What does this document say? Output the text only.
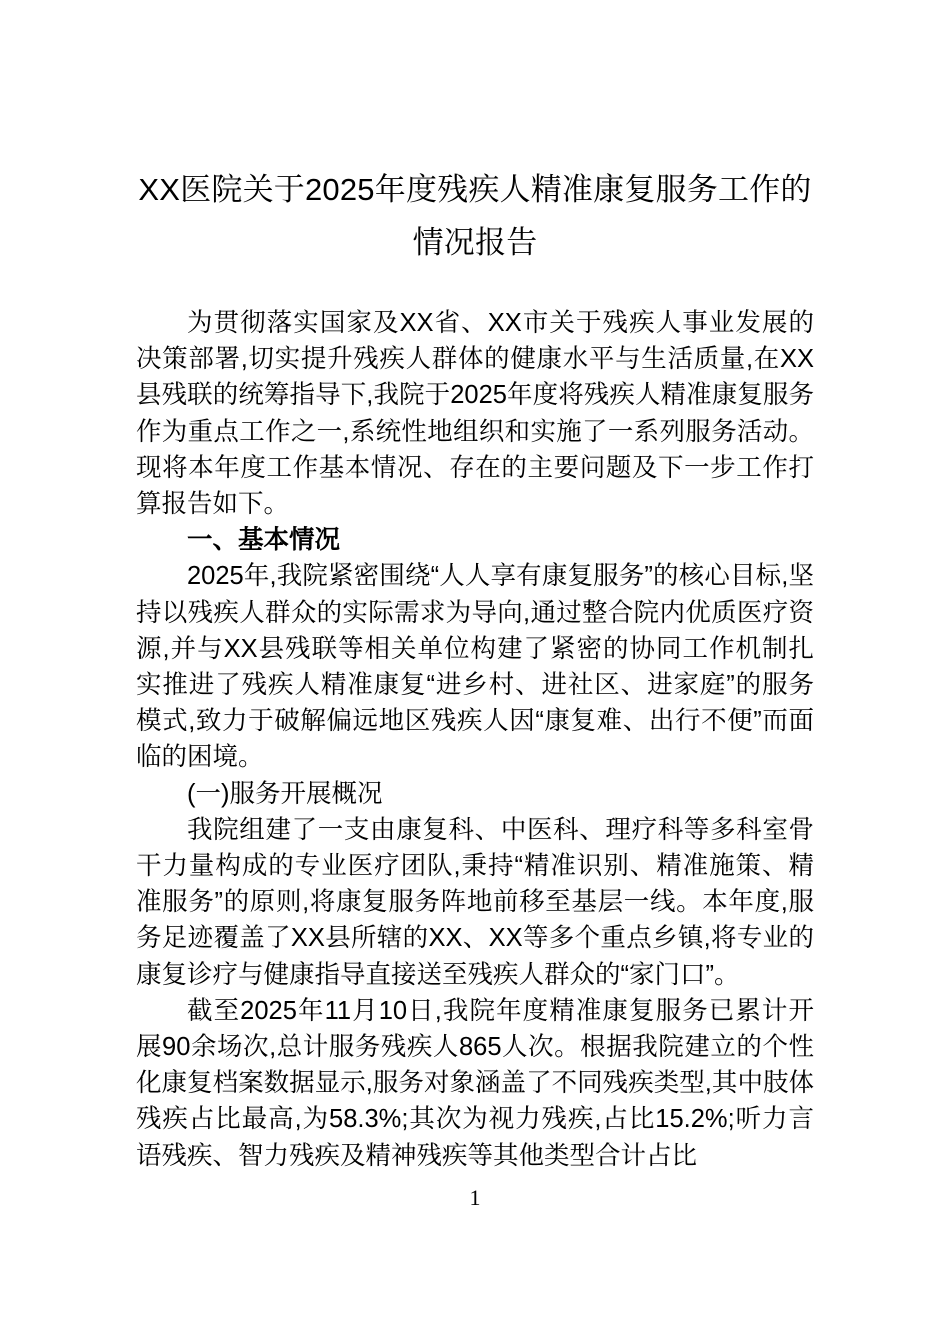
XX医院关于2025年度残疾人精准康复服务工作的情况报告

为贯彻落实国家及XX省、XX市关于残疾人事业发展的决策部署,切实提升残疾人群体的健康水平与生活质量,在XX县残联的统筹指导下,我院于2025年度将残疾人精准康复服务作为重点工作之一,系统性地组织和实施了一系列服务活动。现将本年度工作基本情况、存在的主要问题及下一步工作打算报告如下。

一、基本情况

2025年,我院紧密围绕“人人享有康复服务”的核心目标,坚持以残疾人群众的实际需求为导向,通过整合院内优质医疗资源,并与XX县残联等相关单位构建了紧密的协同工作机制扎实推进了残疾人精准康复“进乡村、进社区、进家庭”的服务模式,致力于破解偏远地区残疾人因“康复难、出行不便”而面临的困境。

(一)服务开展概况

我院组建了一支由康复科、中医科、理疗科等多科室骨干力量构成的专业医疗团队,秉持“精准识别、精准施策、精准服务”的原则,将康复服务阵地前移至基层一线。本年度,服务足迹覆盖了XX县所辖的XX、XX等多个重点乡镇,将专业的康复诊疗与健康指导直接送至残疾人群众的“家门口”。

截至2025年11月10日,我院年度精准康复服务已累计开展90余场次,总计服务残疾人865人次。根据我院建立的个性化康复档案数据显示,服务对象涵盖了不同残疾类型,其中肢体残疾占比最高,为58.3%;其次为视力残疾,占比15.2%;听力言语残疾、智力残疾及精神残疾等其他类型合计占比

1
